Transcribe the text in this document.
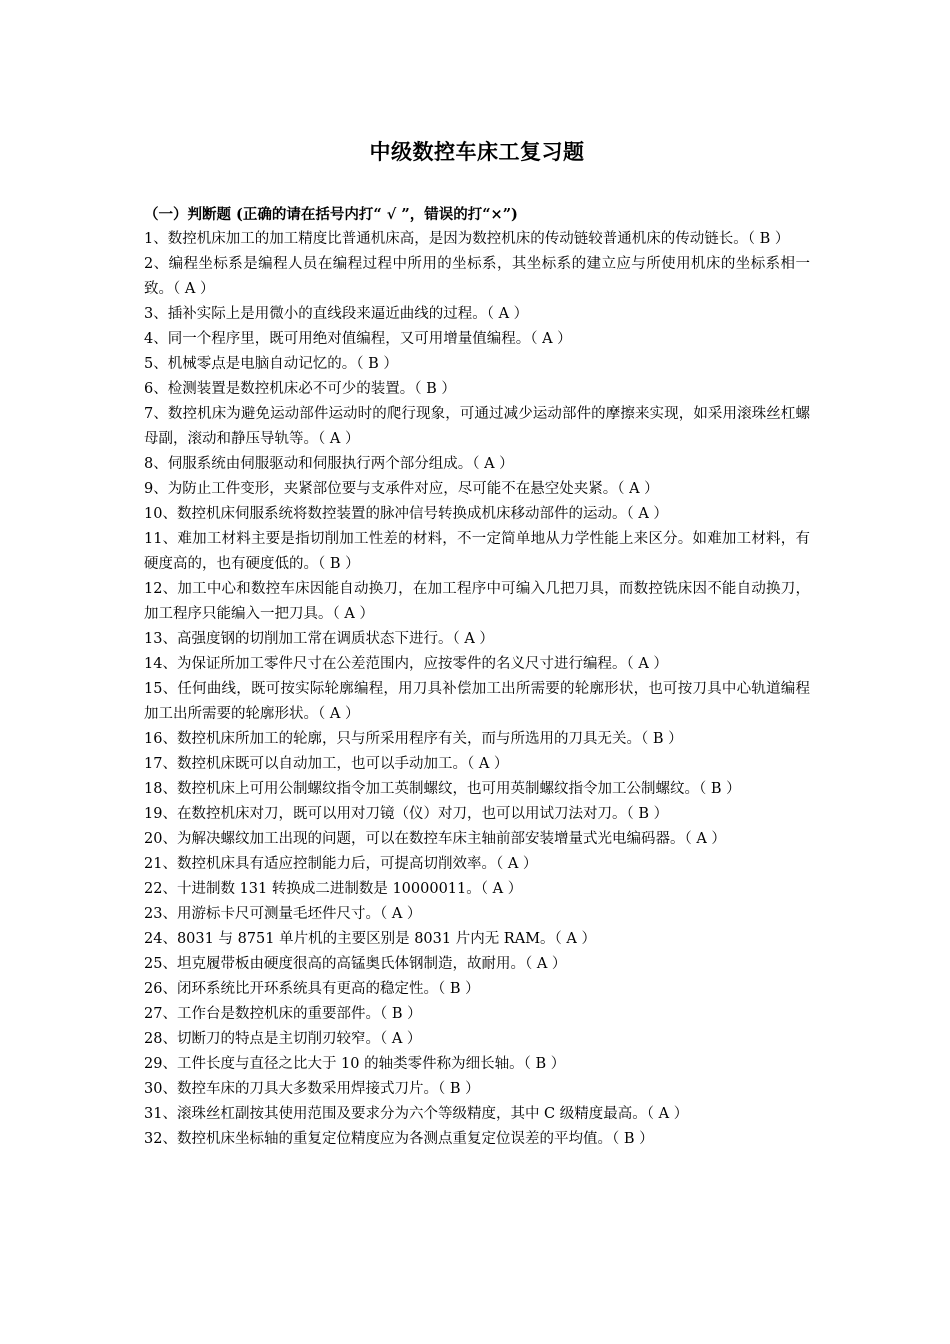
中级数控车床工复习题
（一）判断题 (正确的请在括号内打“ √ ”，错误的打“×”)
1、数控机床加工的加工精度比普通机床高，是因为数控机床的传动链较普通机床的传动链长。（ B ）
2、编程坐标系是编程人员在编程过程中所用的坐标系，其坐标系的建立应与所使用机床的坐标系相一致。（ A ）
3、插补实际上是用微小的直线段来逼近曲线的过程。（ A ）
4、同一个程序里，既可用绝对值编程，又可用增量值编程。（ A ）
5、机械零点是电脑自动记忆的。（ B ）
6、检测装置是数控机床必不可少的装置。（ B ）
7、数控机床为避免运动部件运动时的爬行现象，可通过减少运动部件的摩擦来实现，如采用滚珠丝杠螺母副，滚动和静压导轨等。（ A ）
8、伺服系统由伺服驱动和伺服执行两个部分组成。（ A ）
9、为防止工件变形，夹紧部位要与支承件对应，尽可能不在悬空处夹紧。（ A ）
10、数控机床伺服系统将数控装置的脉冲信号转换成机床移动部件的运动。（ A ）
11、难加工材料主要是指切削加工性差的材料，不一定简单地从力学性能上来区分。如难加工材料，有硬度高的，也有硬度低的。（ B ）
12、加工中心和数控车床因能自动换刀，在加工程序中可编入几把刀具，而数控铣床因不能自动换刀，加工程序只能编入一把刀具。（ A ）
13、高强度钢的切削加工常在调质状态下进行。（ A ）
14、为保证所加工零件尺寸在公差范围内，应按零件的名义尺寸进行编程。（ A ）
15、任何曲线，既可按实际轮廓编程，用刀具补偿加工出所需要的轮廓形状，也可按刀具中心轨道编程加工出所需要的轮廓形状。（ A ）
16、数控机床所加工的轮廓，只与所采用程序有关，而与所选用的刀具无关。（ B ）
17、数控机床既可以自动加工，也可以手动加工。（ A ）
18、数控机床上可用公制螺纹指令加工英制螺纹，也可用英制螺纹指令加工公制螺纹。（ B ）
19、在数控机床对刀，既可以用对刀镜（仪）对刀，也可以用试刀法对刀。（ B ）
20、为解决螺纹加工出现的问题，可以在数控车床主轴前部安装增量式光电编码器。（ A ）
21、数控机床具有适应控制能力后，可提高切削效率。（ A ）
22、十进制数 131 转换成二进制数是 10000011。（ A ）
23、用游标卡尺可测量毛坯件尺寸。（ A ）
24、8031 与 8751 单片机的主要区别是 8031 片内无 RAM。（ A ）
25、坦克履带板由硬度很高的高锰奥氏体钢制造，故耐用。（ A ）
26、闭环系统比开环系统具有更高的稳定性。（ B ）
27、工作台是数控机床的重要部件。（ B ）
28、切断刀的特点是主切削刃较窄。（ A ）
29、工件长度与直径之比大于 10 的轴类零件称为细长轴。（ B ）
30、数控车床的刀具大多数采用焊接式刀片。（ B ）
31、滚珠丝杠副按其使用范围及要求分为六个等级精度，其中 C 级精度最高。（ A ）
32、数控机床坐标轴的重复定位精度应为各测点重复定位误差的平均值。（ B ）
